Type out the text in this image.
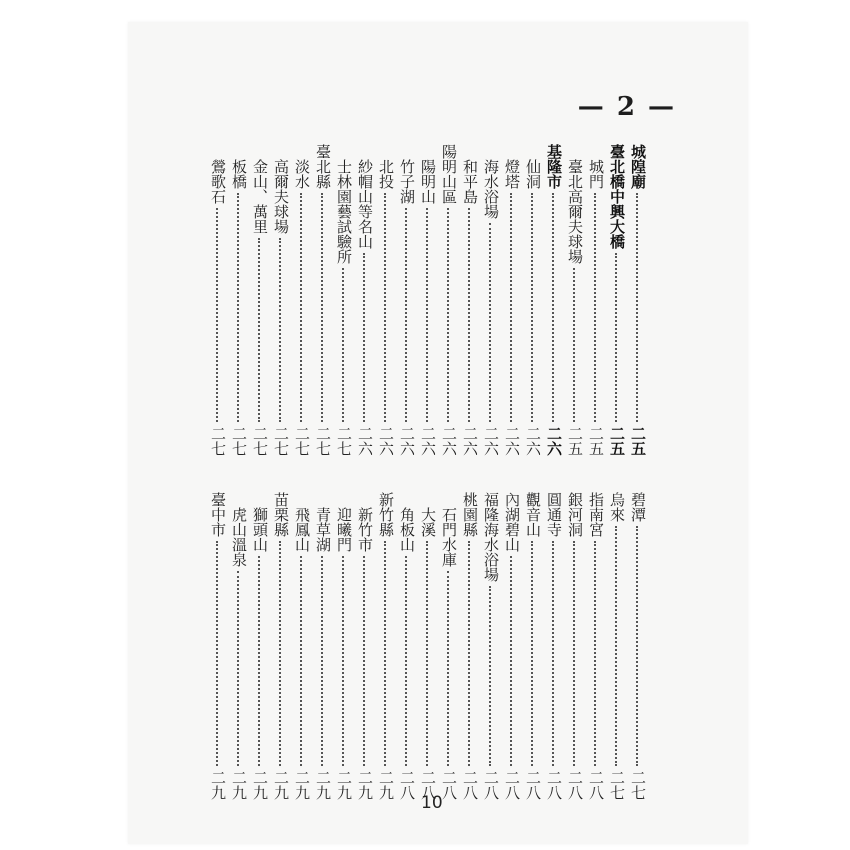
— 2 —
城隍廟
二五
臺北橋中興大橋
二五
城門
二五
臺北高爾夫球場
二五
基隆市
二六
仙洞
二六
燈塔
二六
海水浴場
二六
和平島
二六
陽明山區
二六
陽明山
二六
竹子湖
二六
北投
二六
紗帽山等名山
二六
士林園藝試驗所
二七
臺北縣
二七
淡水
二七
高爾夫球場
二七
金山、萬里
二七
板橋
二七
鶯歌石
二七
碧潭
二七
烏來
二七
指南宮
二八
銀河洞
二八
圓通寺
二八
觀音山
二八
內湖碧山
二八
福隆海水浴場
二八
桃園縣
二八
石門水庫
二八
大溪
二八
角板山
二八
新竹縣
二九
新竹市
二九
迎曦門
二九
青草湖
二九
飛鳳山
二九
苗栗縣
二九
獅頭山
二九
虎山溫泉
二九
臺中市
二九
10
